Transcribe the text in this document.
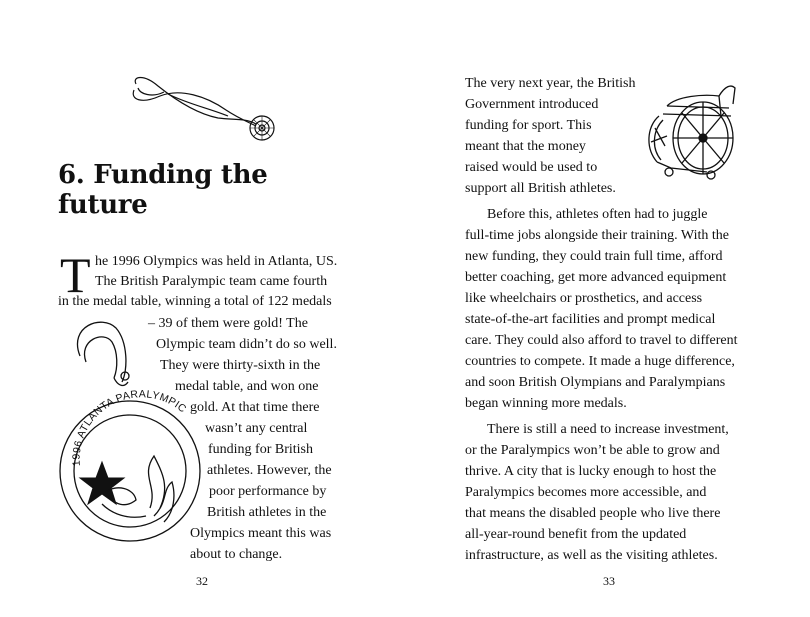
6. Funding the future
1996 ATLANTA PARALYMPIC GAMES
T he 1996 Olympics was held in Atlanta, US.
The British Paralympic team came fourth
in the medal table, winning a total of 122 medals
– 39 of them were gold! The
Olympic team didn’t do so well.
They were thirty-sixth in the
medal table, and won one
gold. At that time there
wasn’t any central
funding for British
athletes. However, the
poor performance by
British athletes in the
Olympics meant this was
about to change.
32
The very next year, the British
Government introduced
funding for sport. This
meant that the money
raised would be used to
support all British athletes.
Before this, athletes often had to juggle
full-time jobs alongside their training. With the
new funding, they could train full time, afford
better coaching, get more advanced equipment
like wheelchairs or prosthetics, and access
state-of-the-art facilities and prompt medical
care. They could also afford to travel to different
countries to compete. It made a huge difference,
and soon British Olympians and Paralympians
began winning more medals.
There is still a need to increase investment,
or the Paralympics won’t be able to grow and
thrive. A city that is lucky enough to host the
Paralympics becomes more accessible, and
that means the disabled people who live there
all-year-round benefit from the updated
infrastructure, as well as the visiting athletes.
33
